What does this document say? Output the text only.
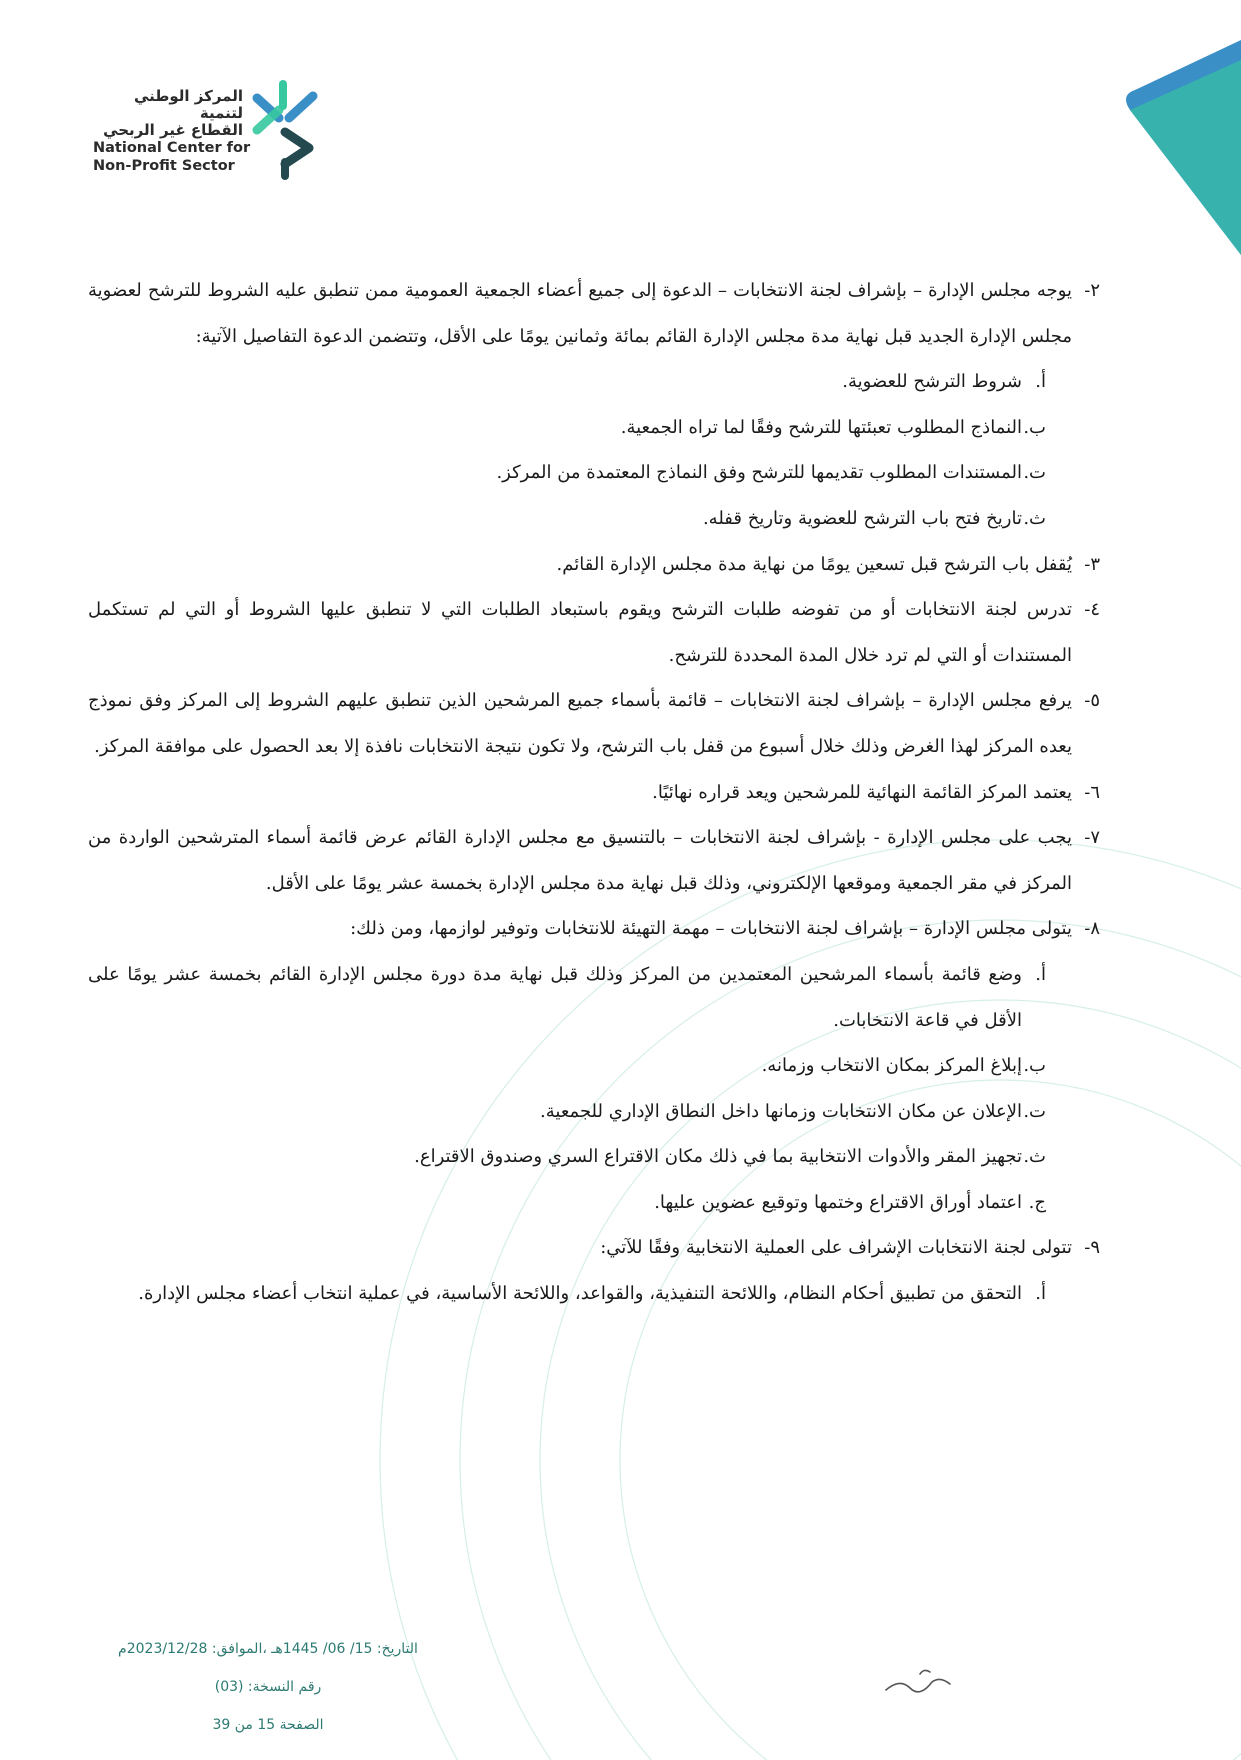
المركز الوطني لتنمية
القطاع غير الربحي
National Center for
Non-Profit Sector
٢-
يوجه مجلس الإدارة – بإشراف لجنة الانتخابات – الدعوة إلى جميع أعضاء الجمعية العمومية ممن تنطبق عليه الشروط للترشح لعضوية مجلس الإدارة الجديد قبل نهاية مدة مجلس الإدارة القائم بمائة وثمانين يومًا على الأقل، وتتضمن الدعوة التفاصيل الآتية:
أ.
شروط الترشح للعضوية.
ب.
النماذج المطلوب تعبئتها للترشح وفقًا لما تراه الجمعية.
ت.
المستندات المطلوب تقديمها للترشح وفق النماذج المعتمدة من المركز.
ث.
تاريخ فتح باب الترشح للعضوية وتاريخ قفله.
٣-
يُقفل باب الترشح قبل تسعين يومًا من نهاية مدة مجلس الإدارة القائم.
٤-
تدرس لجنة الانتخابات أو من تفوضه طلبات الترشح ويقوم باستبعاد الطلبات التي لا تنطبق عليها الشروط أو التي لم تستكمل المستندات أو التي لم ترد خلال المدة المحددة للترشح.
٥-
يرفع مجلس الإدارة – بإشراف لجنة الانتخابات – قائمة بأسماء جميع المرشحين الذين تنطبق عليهم الشروط إلى المركز وفق نموذج يعده المركز لهذا الغرض وذلك خلال أسبوع من قفل باب الترشح، ولا تكون نتيجة الانتخابات نافذة إلا بعد الحصول على موافقة المركز.
٦-
يعتمد المركز القائمة النهائية للمرشحين ويعد قراره نهائيًا.
٧-
يجب على مجلس الإدارة - بإشراف لجنة الانتخابات – بالتنسيق مع مجلس الإدارة القائم عرض قائمة أسماء المترشحين الواردة من المركز في مقر الجمعية وموقعها الإلكتروني، وذلك قبل نهاية مدة مجلس الإدارة بخمسة عشر يومًا على الأقل.
٨-
يتولى مجلس الإدارة – بإشراف لجنة الانتخابات – مهمة التهيئة للانتخابات وتوفير لوازمها، ومن ذلك:
أ.
وضع قائمة بأسماء المرشحين المعتمدين من المركز وذلك قبل نهاية مدة دورة مجلس الإدارة القائم بخمسة عشر يومًا على الأقل في قاعة الانتخابات.
ب.
إبلاغ المركز بمكان الانتخاب وزمانه.
ت.
الإعلان عن مكان الانتخابات وزمانها داخل النطاق الإداري للجمعية.
ث.
تجهيز المقر والأدوات الانتخابية بما في ذلك مكان الاقتراع السري وصندوق الاقتراع.
ج.
اعتماد أوراق الاقتراع وختمها وتوقيع عضوين عليها.
٩-
تتولى لجنة الانتخابات الإشراف على العملية الانتخابية وفقًا للآتي:
أ.
التحقق من تطبيق أحكام النظام، واللائحة التنفيذية، والقواعد، واللائحة الأساسية، في عملية انتخاب أعضاء مجلس الإدارة.
التاريخ: 15/ 06/ 1445هـ ،الموافق: 2023/12/28م
رقم النسخة: (03)
الصفحة 15 من 39
